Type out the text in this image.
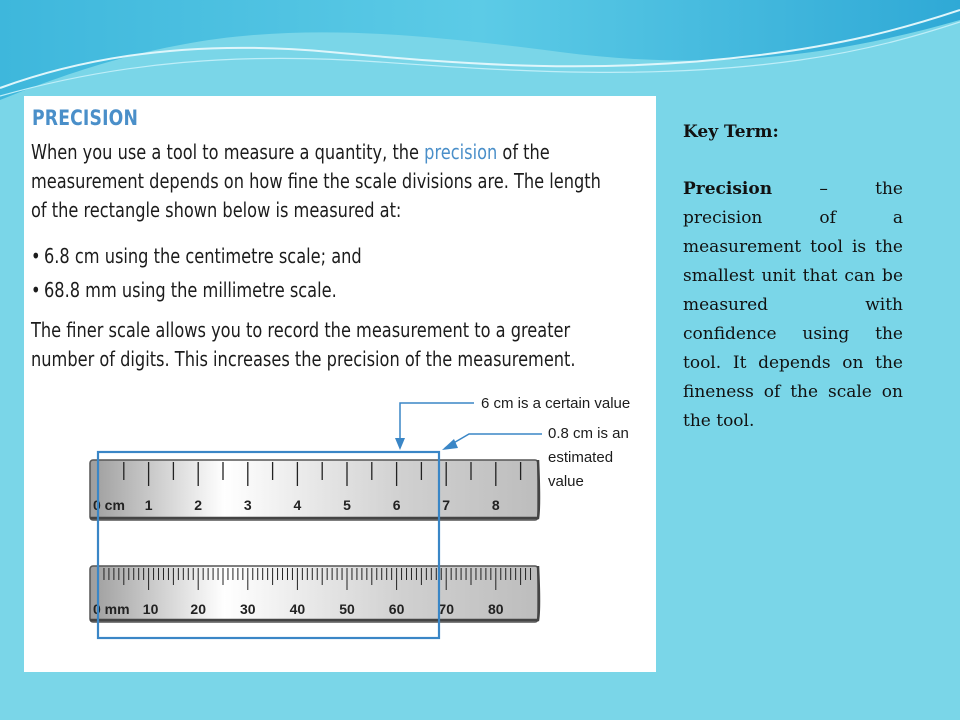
PRECISION
When you use a tool to measure a quantity, the precision of the
measurement depends on how fine the scale divisions are. The length
of the rectangle shown below is measured at:
• 6.8 cm using the centimetre scale; and
• 68.8 mm using the millimetre scale.
The finer scale allows you to record the measurement to a greater
number of digits. This increases the precision of the measurement.
0 cm 1	2	3	4	5	6	7	8
0 mm 10 20 30 40 50 60 70 80
6 cm is a certain value
0.8 cm is an estimated value
Key Term:
Precision – the precision of a measurement tool is the smallest unit that can be measured with confidence using the tool. It depends on the fineness of the scale on the tool.
